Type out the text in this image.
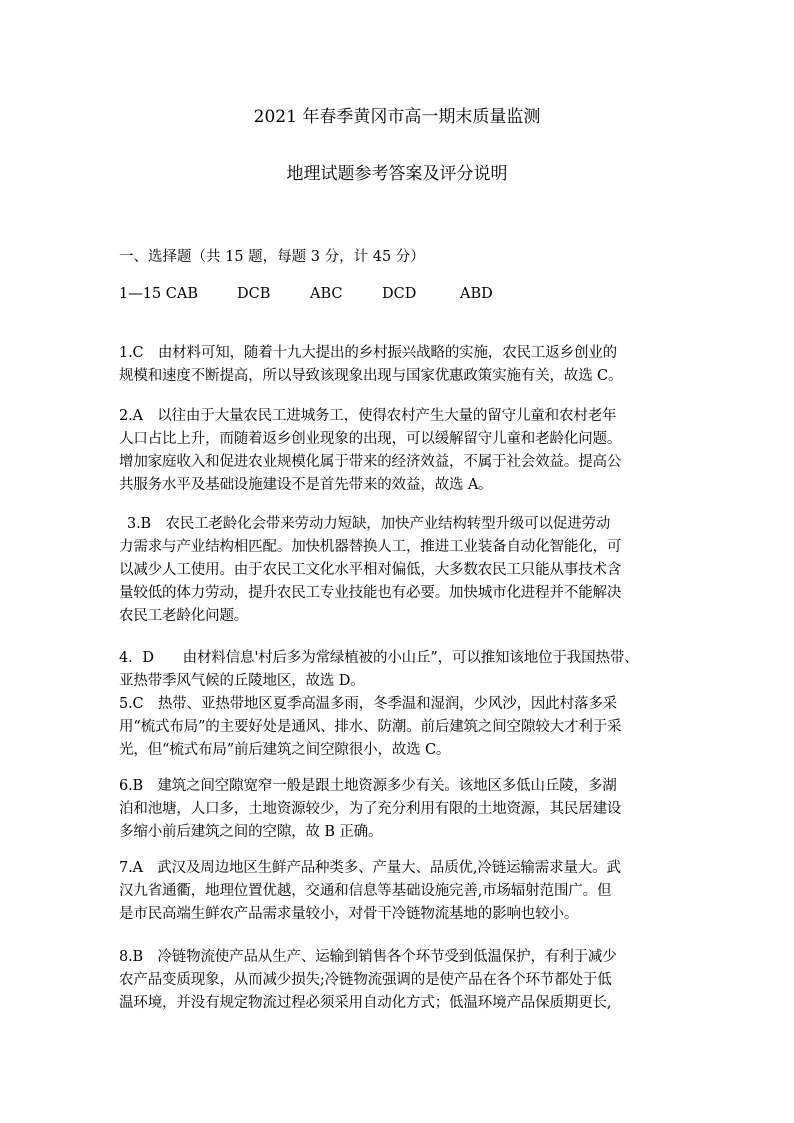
2021 年春季黄冈市高一期末质量监测
地理试题参考答案及评分说明
一、选择题（共 15 题，每题 3 分，计 45 分）
1—15 CAB	DCB	ABC	DCD	ABD
1.C　由材料可知，随着十九大提出的乡村振兴战略的实施，农民工返乡创业的
规模和速度不断提高，所以导致该现象出现与国家优惠政策实施有关，故选 C。
2.A　以往由于大量农民工进城务工，使得农村产生大量的留守儿童和农村老年
人口占比上升，而随着返乡创业现象的出现，可以缓解留守儿童和老龄化问题。
增加家庭收入和促进农业规模化属于带来的经济效益，不属于社会效益。提高公
共服务水平及基础设施建设不是首先带来的效益，故选 A。
3.B　农民工老龄化会带来劳动力短缺，加快产业结构转型升级可以促进劳动
力需求与产业结构相匹配。加快机器替换人工，推进工业装备自动化智能化，可
以减少人工使用。由于农民工文化水平相对偏低，大多数农民工只能从事技术含
量较低的体力劳动，提升农民工专业技能也有必要。加快城市化进程并不能解决
农民工老龄化问题。
4．D　　由材料信息'村后多为常绿植被的小山丘”，可以推知该地位于我国热带、
亚热带季风气候的丘陵地区，故选 D。
5.C　热带、亚热带地区夏季高温多雨，冬季温和湿润，少风沙，因此村落多采
用“梳式布局”的主要好处是通风、排水、防潮。前后建筑之间空隙较大才利于采
光，但“梳式布局”前后建筑之间空隙很小，故选 C。
6.B　建筑之间空隙宽窄一般是跟土地资源多少有关。该地区多低山丘陵，多湖
泊和池塘，人口多，土地资源较少，为了充分利用有限的土地资源，其民居建设
多缩小前后建筑之间的空隙，故 B 正确。
7.A　武汉及周边地区生鲜产品种类多、产量大、品质优,冷链运输需求量大。武
汉九省通衢，地理位置优越，交通和信息等基础设施完善,市场辐射范围广。但
是市民高端生鲜农产品需求量较小，对骨干冷链物流基地的影响也较小。
8.B　冷链物流使产品从生产、运输到销售各个环节受到低温保护，有利于减少
农产品变质现象，从而减少损失;冷链物流强调的是使产品在各个环节都处于低
温环境，并没有规定物流过程必须采用自动化方式；低温环境产品保质期更长,
